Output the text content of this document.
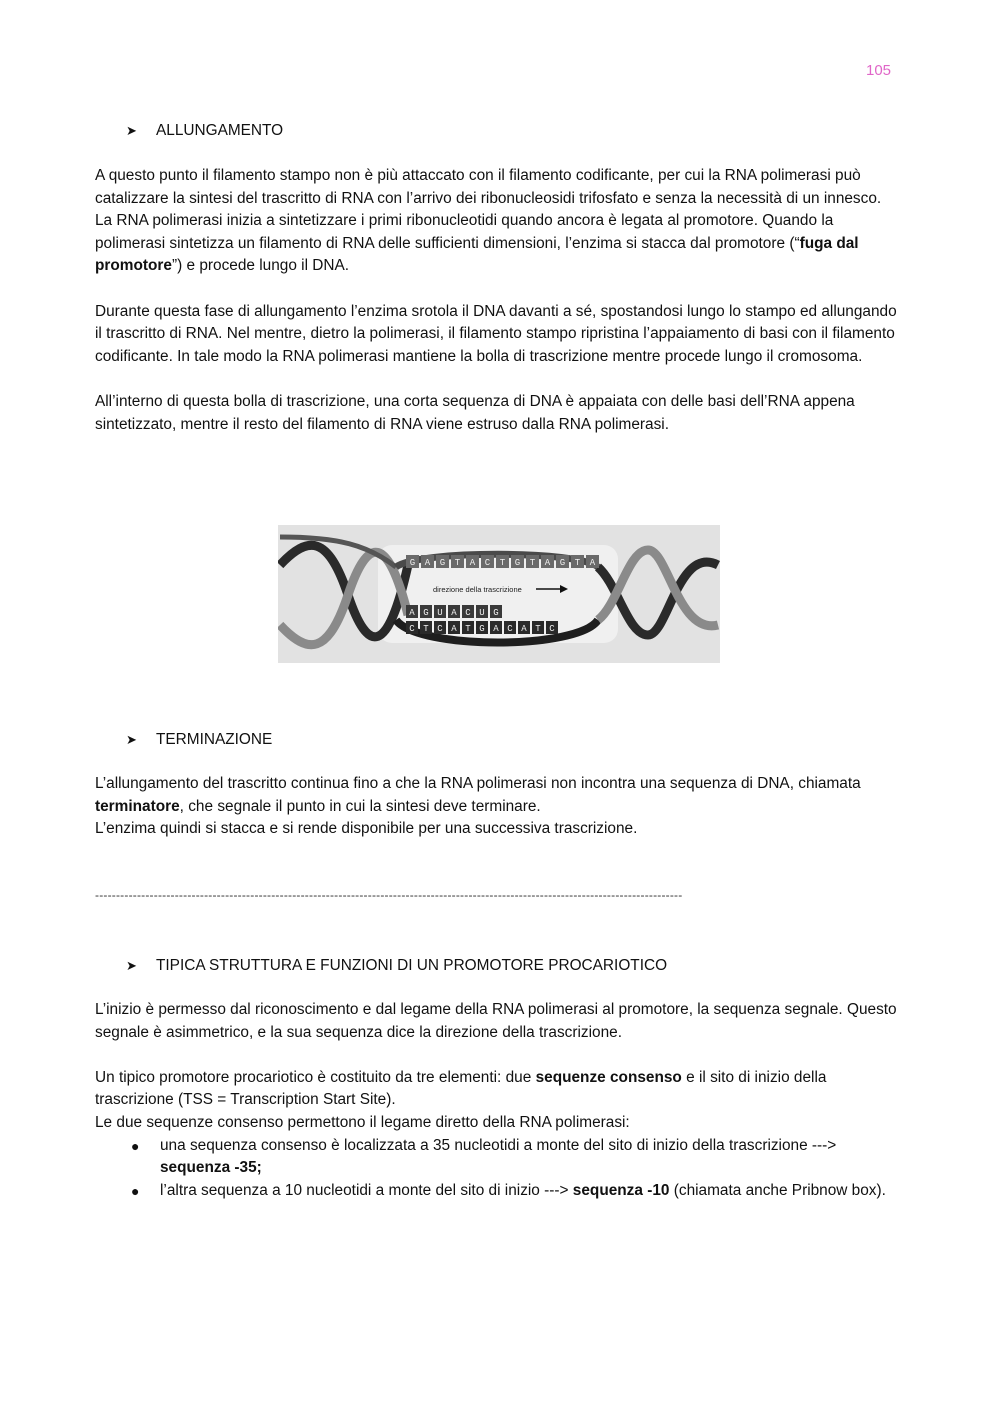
105
➤	ALLUNGAMENTO

A questo punto il filamento stampo non è più attaccato con il filamento codificante, per cui la RNA polimerasi può catalizzare la sintesi del trascritto di RNA con l’arrivo dei ribonucleosidi trifosfato e senza la necessità di un innesco.

La RNA polimerasi inizia a sintetizzare i primi ribonucleotidi quando ancora è legata al promotore. Quando la polimerasi sintetizza un filamento di RNA delle sufficienti dimensioni, l’enzima si stacca dal promotore (“fuga dal promotore”) e procede lungo il DNA.

Durante questa fase di allungamento l’enzima srotola il DNA davanti a sé, spostandosi lungo lo stampo ed allungando il trascritto di RNA. Nel mentre, dietro la polimerasi, il filamento stampo ripristina l’appaiamento di basi con il filamento codificante. In tale modo la RNA polimerasi mantiene la bolla di trascrizione mentre procede lungo il cromosoma.

All’interno di questa bolla di trascrizione, una corta sequenza di DNA è appaiata con delle basi dell’RNA appena sintetizzato, mentre il resto del filamento di RNA viene estruso dalla RNA polimerasi.

G A G T A C T G T A G T A
A G U A C U G
C T C A T G A C A T C
direzione della trascrizione
➤	TERMINAZIONE

L’allungamento del trascritto continua fino a che la RNA polimerasi non incontra una sequenza di DNA, chiamata terminatore, che segnale il punto in cui la sintesi deve terminare.

L’enzima quindi si stacca e si rende disponibile per una successiva trascrizione.

--------------------------------------------------------------------------------------------------------------------------------------------
➤	TIPICA STRUTTURA E FUNZIONI DI UN PROMOTORE PROCARIOTICO

L’inizio è permesso dal riconoscimento e dal legame della RNA polimerasi al promotore, la sequenza segnale. Questo segnale è asimmetrico, e la sua sequenza dice la direzione della trascrizione.

Un tipico promotore procariotico è costituito da tre elementi: due sequenze consenso e il sito di inizio della trascrizione (TSS = Transcription Start Site).

Le due sequenze consenso permettono il legame diretto della RNA polimerasi:

● una sequenza consenso è localizzata a 35 nucleotidi a monte del sito di inizio della trascrizione --->
sequenza -35;
● l’altra sequenza a 10 nucleotidi a monte del sito di inizio ---> sequenza -10 (chiamata anche Pribnow box).
